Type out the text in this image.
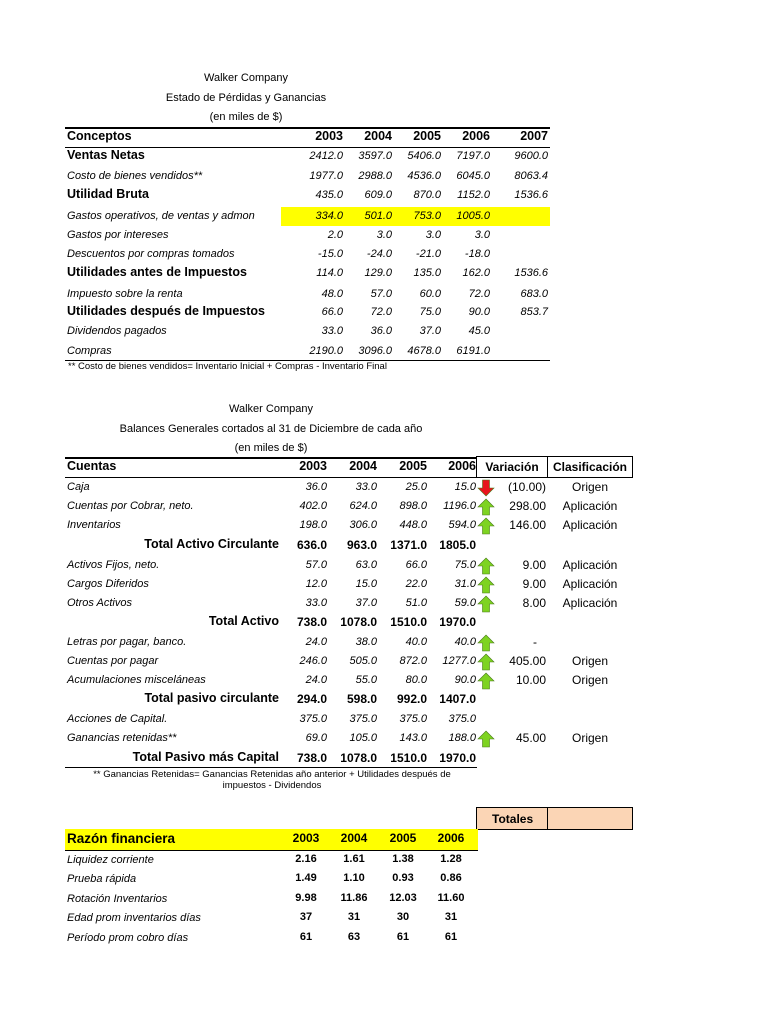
Walker Company
Estado de Pérdidas y Ganancias
(en miles de $)
Conceptos	2003 2004 2005 2006 2007
Ventas Netas	2412.0 3597.0 5406.0 7197.0 9600.0
Costo de bienes vendidos**	1977.0 2988.0 4536.0 6045.0 8063.4
Utilidad Bruta	435.0 609.0 870.0 1152.0 1536.6
Gastos operativos, de ventas y admon	334.0 501.0 753.0 1005.0
Gastos por intereses	2.0	3.0	3.0	3.0
Descuentos por compras tomados	-15.0 -24.0 -21.0 -18.0
Utilidades antes de Impuestos	114.0 129.0 135.0 162.0 1536.6
Impuesto sobre la renta	48.0	57.0	60.0	72.0	683.0
Utilidades después de Impuestos	66.0	72.0	75.0	90.0	853.7
Dividendos pagados	33.0	36.0	37.0	45.0
Compras	2190.0 3096.0 4678.0 6191.0
** Costo de bienes vendidos= Inventario Inicial + Compras - Inventario Final
Walker Company
Balances Generales cortados al 31 de Diciembre de cada año
(en miles de $)
Cuentas	2003 2004 2005 2006 Variación	Clasificación
Caja	36.0	33.0	25.0	15.0	(10.00)	Origen
Cuentas por Cobrar, neto.	402.0 624.0 898.0 1196.0	298.00	Aplicación
Inventarios	198.0 306.0 448.0 594.0	146.00	Aplicación
Total Activo Circulante 636.0 963.0 1371.0 1805.0
Activos Fijos, neto.	57.0	63.0	66.0	75.0	9.00	Aplicación
Cargos Diferidos	12.0	15.0	22.0	31.0	9.00	Aplicación
Otros Activos	33.0	37.0	51.0	59.0	8.00	Aplicación
Total Activo 738.0 1078.0 1510.0 1970.0
Letras por pagar, banco.	24.0	38.0	40.0	40.0	-
Cuentas por pagar	246.0 505.0 872.0 1277.0	405.00	Origen
Acumulaciones misceláneas	24.0	55.0	80.0	90.0	10.00	Origen
Total pasivo circulante 294.0 598.0 992.0 1407.0
Acciones de Capital.	375.0 375.0 375.0 375.0
Ganancias retenidas**	69.0 105.0 143.0 188.0	45.00	Origen
Total Pasivo más Capital 738.0 1078.0 1510.0 1970.0
** Ganancias Retenidas= Ganancias Retenidas año anterior + Utilidades después de
impuestos - Dividendos
Totales
Razón financiera	2003	2004	2005	2006
Liquidez corriente	2.16	1.61	1.38	1.28
Prueba rápida	1.49	1.10	0.93	0.86
Rotación Inventarios	9.98	11.86	12.03	11.60
Edad prom inventarios días	37	31	30	31
Período prom cobro días	61	63	61	61
